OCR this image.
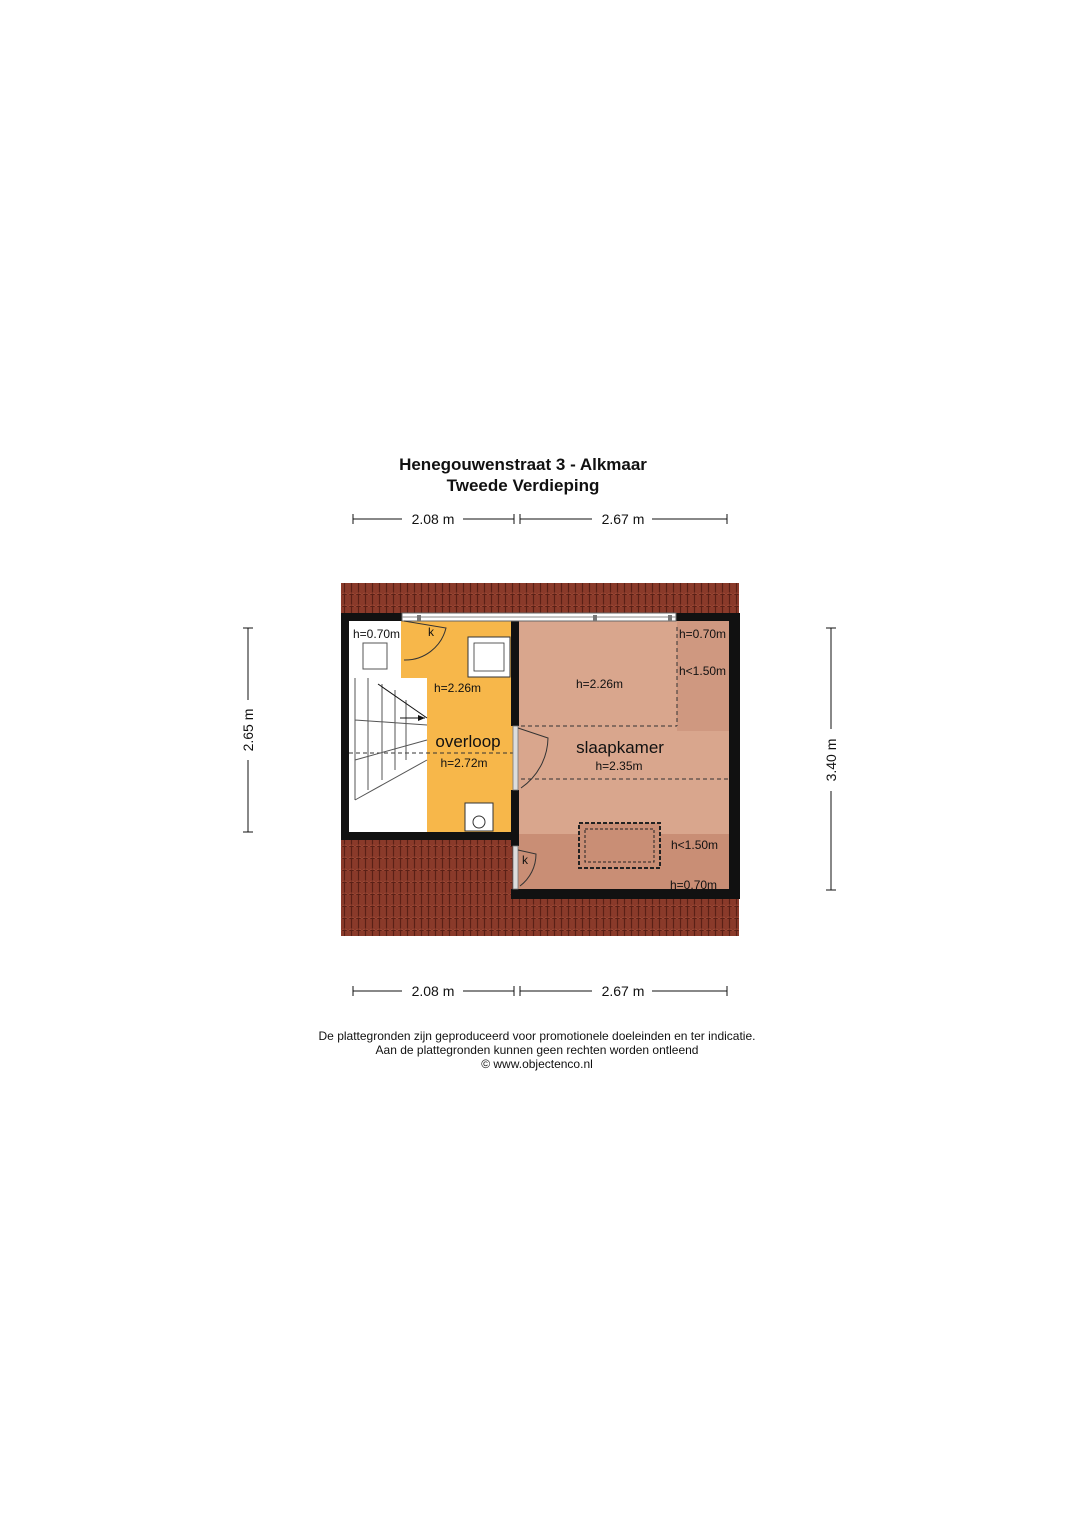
Henegouwenstraat 3 - Alkmaar
Tweede Verdieping
h=0.70m k
h=2.26m
overloop
h=2.72m
h=0.70m
h<1.50m
h=2.26m
slaapkamer
h=2.35m
h<1.50m
h=0.70m
k
2.08 m	2.67 m
2.08 m	2.67 m
2.65 m
3.40 m
De plattegronden zijn geproduceerd voor promotionele doeleinden en ter indicatie.
Aan de plattegronden kunnen geen rechten worden ontleend
© www.objectenco.nl
